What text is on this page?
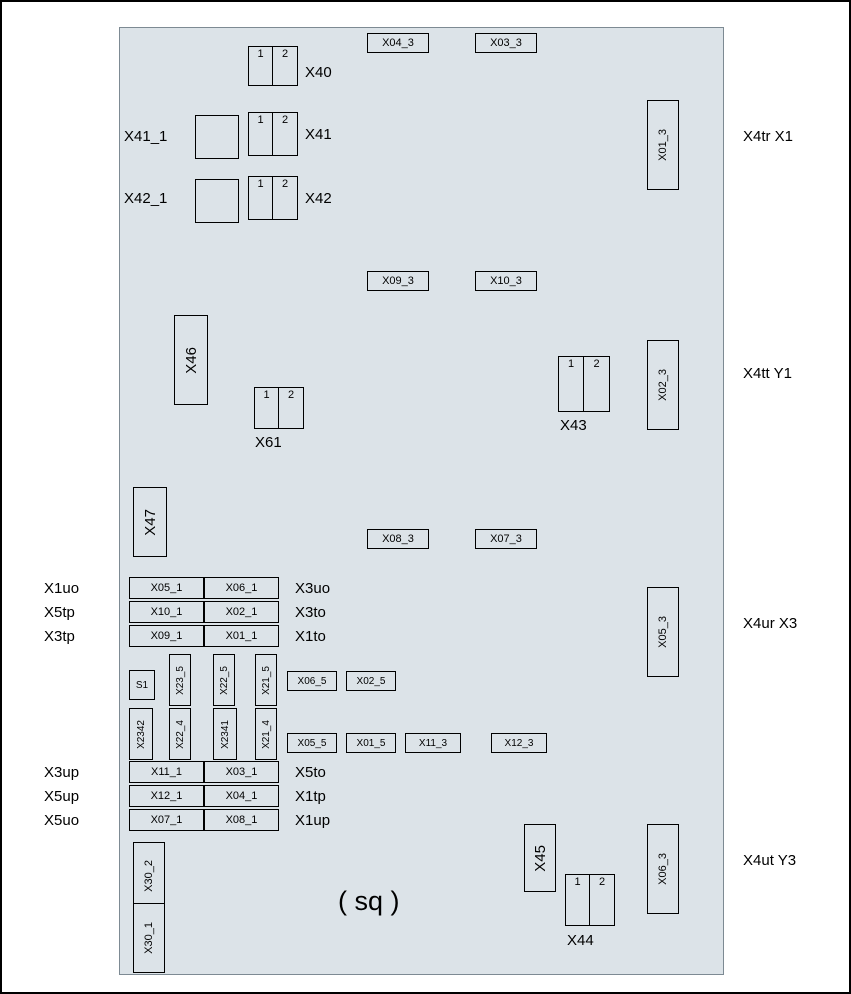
1	2
X40
X41_1
1	2
X41
X42_1
1	2
X42
X04_3	X03_3
X09_3	X10_3
X08_3	X07_3
X01_3
X02_3
X05_3
X06_3
X4tr X1
X4tt Y1
X4ur X3
X4ut Y3
X46
X47
1	2
X61
1	2
X43
X45
1	2
X44
X1uo
X5tp
X3tp
X05_1	X06_1
X10_1	X02_1
X09_1	X01_1
X3uo
X3to
X1to
S1	X23_5	X22_5	X21_5
X2342	X22_4	X2341	X21_4
X06_5	X02_5
X05_5	X01_5	X11_3	X12_3
X3up
X5up
X5uo
X11_1	X03_1
X12_1	X04_1
X07_1	X08_1
X5to
X1tp
X1up
X30_2
X30_1
( sq )
